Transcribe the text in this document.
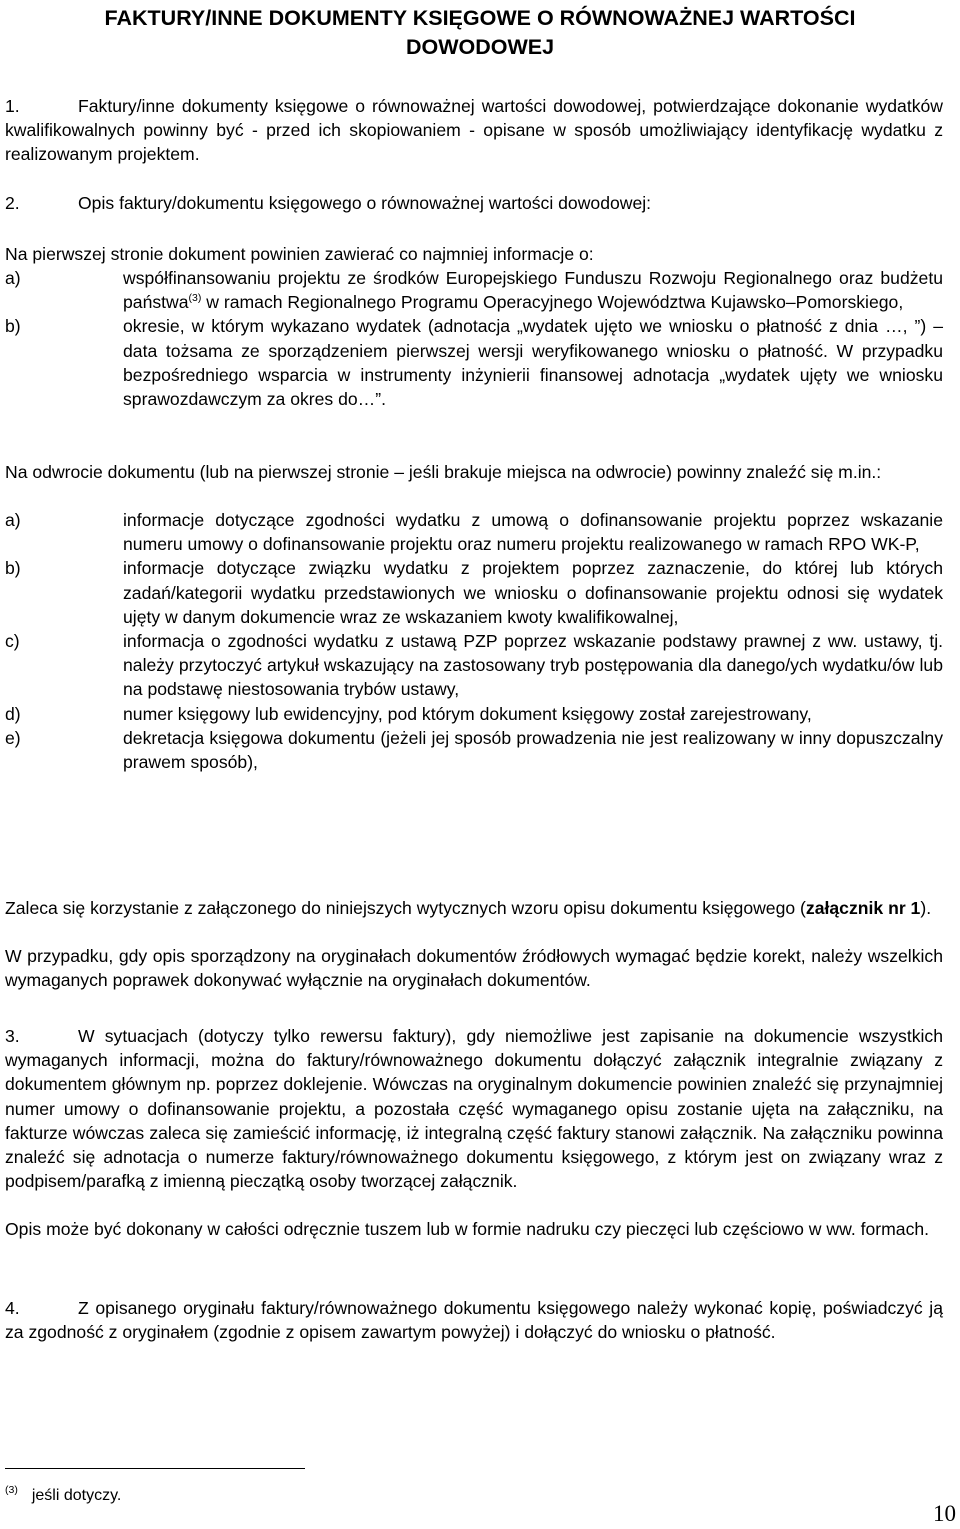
FAKTURY/INNE DOKUMENTY KSIĘGOWE O RÓWNOWAŻNEJ WARTOŚCI
DOWODOWEJ

1.	Faktury/inne dokumenty księgowe o równoważnej wartości dowodowej, potwierdzające dokonanie wydatków kwalifikowalnych powinny być - przed ich skopiowaniem - opisane w sposób umożliwiający identyfikację wydatku z realizowanym projektem.

2.	Opis faktury/dokumentu księgowego o równoważnej wartości dowodowej:

Na pierwszej stronie dokument powinien zawierać co najmniej informacje o:

a)	współfinansowaniu projektu ze środków Europejskiego Funduszu Rozwoju Regionalnego oraz budżetu państwa$^{(3)}$ w ramach Regionalnego Programu Operacyjnego Województwa Kujawsko–Pomorskiego,
b)	okresie, w którym wykazano wydatek (adnotacja „wydatek ujęto we wniosku o płatność z dnia …, ”) – data tożsama ze sporządzeniem pierwszej wersji weryfikowanego wniosku o płatność. W przypadku bezpośredniego wsparcia w instrumenty inżynierii finansowej adnotacja „wydatek ujęty we wniosku sprawozdawczym za okres do…”.

Na odwrocie dokumentu (lub na pierwszej stronie – jeśli brakuje miejsca na odwrocie) powinny znaleźć się m.in.:

a)	informacje dotyczące zgodności wydatku z umową o dofinansowanie projektu poprzez wskazanie numeru umowy o dofinansowanie projektu oraz numeru projektu realizowanego w ramach RPO WK-P,
b)	informacje dotyczące związku wydatku z projektem poprzez zaznaczenie, do której lub których zadań/kategorii wydatku przedstawionych we wniosku o dofinansowanie projektu odnosi się wydatek ujęty w danym dokumencie wraz ze wskazaniem kwoty kwalifikowalnej,
c)	informacja o zgodności wydatku z ustawą PZP poprzez wskazanie podstawy prawnej z ww. ustawy, tj. należy przytoczyć artykuł wskazujący na zastosowany tryb postępowania dla danego/ych wydatku/ów lub na podstawę niestosowania trybów ustawy,
d)	numer księgowy lub ewidencyjny, pod którym dokument księgowy został zarejestrowany,
e)	dekretacja księgowa dokumentu (jeżeli jej sposób prowadzenia nie jest realizowany w inny dopuszczalny prawem sposób),

Zaleca się korzystanie z załączonego do niniejszych wytycznych wzoru opisu dokumentu księgowego (załącznik nr 1).

W przypadku, gdy opis sporządzony na oryginałach dokumentów źródłowych wymagać będzie korekt, należy wszelkich wymaganych poprawek dokonywać wyłącznie na oryginałach dokumentów.

3.	W sytuacjach (dotyczy tylko rewersu faktury), gdy niemożliwe jest zapisanie na dokumencie wszystkich wymaganych informacji, można do faktury/równoważnego dokumentu dołączyć załącznik integralnie związany z dokumentem głównym np. poprzez doklejenie. Wówczas na oryginalnym dokumencie powinien znaleźć się przynajmniej numer umowy o dofinansowanie projektu, a pozostała część wymaganego opisu zostanie ujęta na załączniku, na fakturze wówczas zaleca się zamieścić informację, iż integralną część faktury stanowi załącznik. Na załączniku powinna znaleźć się adnotacja o numerze faktury/równoważnego dokumentu księgowego, z którym jest on związany wraz z podpisem/parafką z imienną pieczątką osoby tworzącej załącznik.

Opis może być dokonany w całości odręcznie tuszem lub w formie nadruku czy pieczęci lub częściowo w ww. formach.

4.	Z opisanego oryginału faktury/równoważnego dokumentu księgowego należy wykonać kopię, poświadczyć ją za zgodność z oryginałem (zgodnie z opisem zawartym powyżej) i dołączyć do wniosku o płatność.

$^{(3)}$ jeśli dotyczy.

10
